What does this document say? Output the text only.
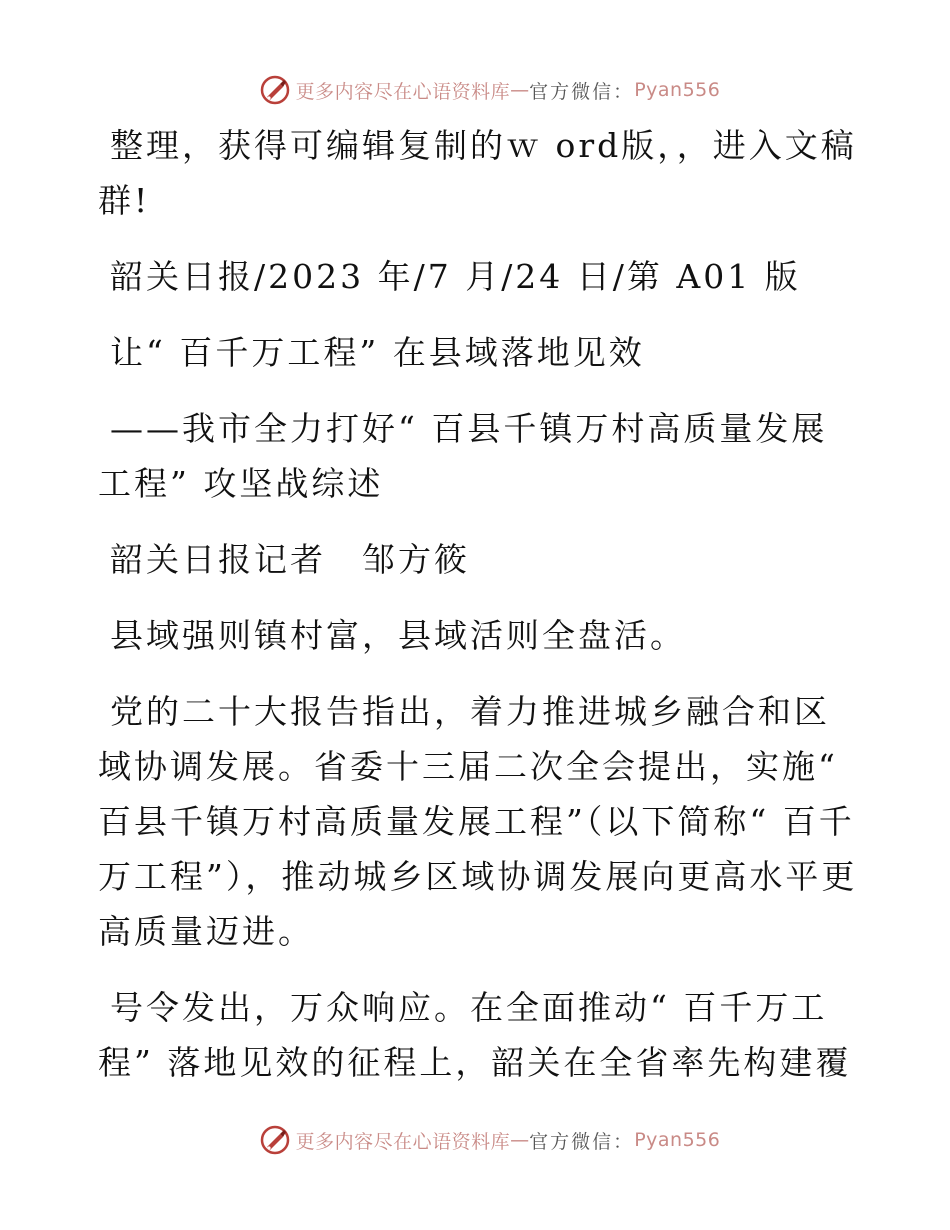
更多内容尽在心语资料库 — 官方微信： Pyan556

整理，获得可编辑复制的ｗ ord版，，进入文稿群!

韶关日报/2023 年/7 月/24 日/第 A01 版

让“ 百千万工程” 在县域落地见效

——我市全力打好“ 百县千镇万村高质量发展工程” 攻坚战综述

韶关日报记者　邹方筱

县域强则镇村富，县域活则全盘活。

党的二十大报告指出，着力推进城乡融合和区域协调发展。省委十三届二次全会提出，实施“ 百县千镇万村高质量发展工程”（以下简称“ 百千万工程”），推动城乡区域协调发展向更高水平更高质量迈进。

号令发出，万众响应。在全面推动“ 百千万工程” 落地见效的征程上，韶关在全省率先构建覆

更多内容尽在心语资料库 — 官方微信： Pyan556
